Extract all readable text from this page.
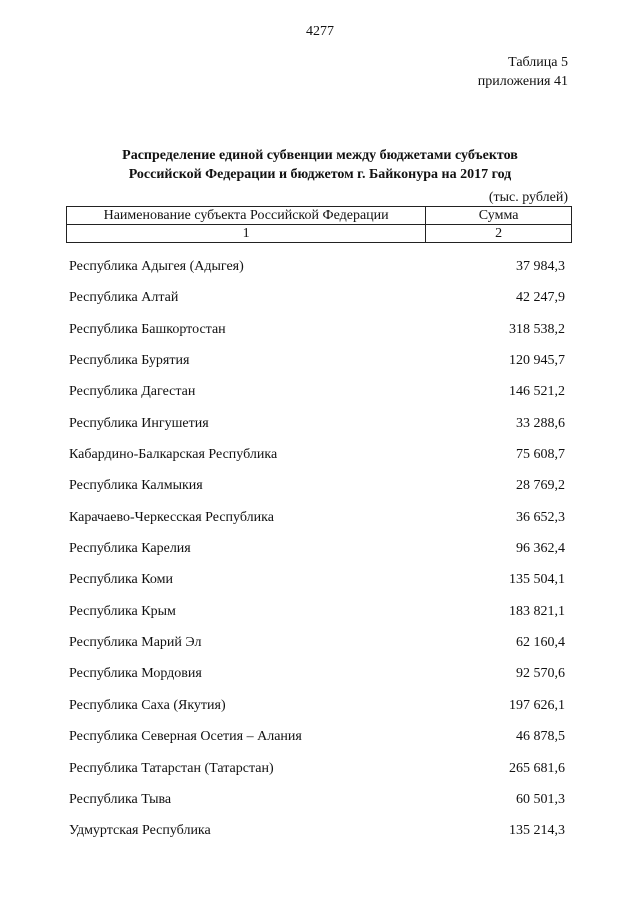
4277
Таблица 5
приложения 41
Распределение единой субвенции между бюджетами субъектов
Российской Федерации и бюджетом г. Байконура на 2017 год
(тыс. рублей)
Наименование субъекта Российской Федерации	Сумма
1	2
Республика Адыгея (Адыгея)	37 984,3
Республика Алтай	42 247,9
Республика Башкортостан	318 538,2
Республика Бурятия	120 945,7
Республика Дагестан	146 521,2
Республика Ингушетия	33 288,6
Кабардино-Балкарская Республика	75 608,7
Республика Калмыкия	28 769,2
Карачаево-Черкесская Республика	36 652,3
Республика Карелия	96 362,4
Республика Коми	135 504,1
Республика Крым	183 821,1
Республика Марий Эл	62 160,4
Республика Мордовия	92 570,6
Республика Саха (Якутия)	197 626,1
Республика Северная Осетия – Алания	46 878,5
Республика Татарстан (Татарстан)	265 681,6
Республика Тыва	60 501,3
Удмуртская Республика	135 214,3
